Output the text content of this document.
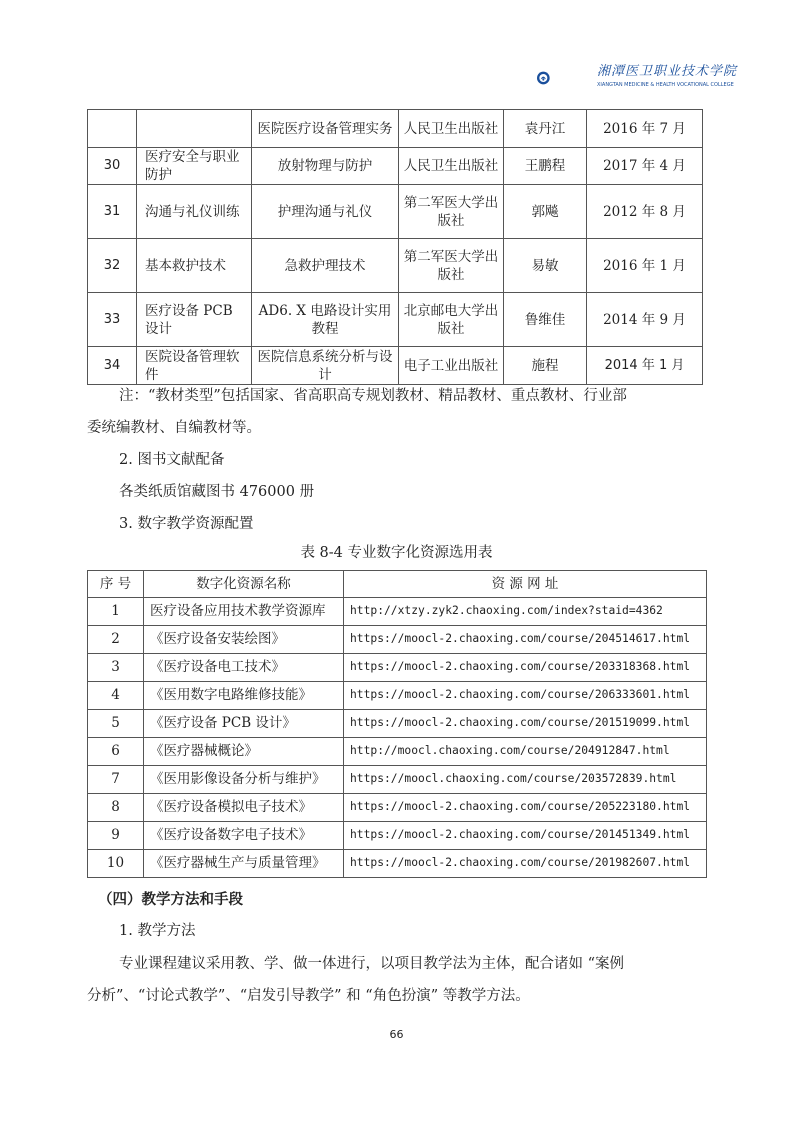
湘潭医卫职业技术学院
XIANGTAN MEDICINE & HEALTH VOCATIONAL COLLEGE
		医院医疗设备管理实务	人民卫生出版社	袁丹江	2016 年 7 月
30	医疗安全与职业防护	放射物理与防护	人民卫生出版社	王鹏程	2017 年 4 月
31	沟通与礼仪训练	护理沟通与礼仪	第二军医大学出版社	郭飚	2012 年 8 月
32	基本救护技术	急救护理技术	第二军医大学出版社	易敏	2016 年 1 月
33	医疗设备 PCB 设计	AD6. X 电路设计实用教程	北京邮电大学出版社	鲁维佳	2014 年 9 月
34	医院设备管理软件	医院信息系统分析与设计	电子工业出版社	施程	2014 年 1 月
注：“教材类型”包括国家、省高职高专规划教材、精品教材、重点教材、行业部
委统编教材、自编教材等。
2. 图书文献配备
各类纸质馆藏图书 476000 册
3. 数字教学资源配置
表 8-4 专业数字化资源选用表
序 号	数字化资源名称	资 源 网 址
1	医疗设备应用技术教学资源库	http://xtzy.zyk2.chaoxing.com/index?staid=4362
2	《医疗设备安装绘图》	https://moocl-2.chaoxing.com/course/204514617.html
3	《医疗设备电工技术》	https://moocl-2.chaoxing.com/course/203318368.html
4	《医用数字电路维修技能》	https://moocl-2.chaoxing.com/course/206333601.html
5	《医疗设备 PCB 设计》	https://moocl-2.chaoxing.com/course/201519099.html
6	《医疗器械概论》	http://moocl.chaoxing.com/course/204912847.html
7	《医用影像设备分析与维护》	https://moocl.chaoxing.com/course/203572839.html
8	《医疗设备模拟电子技术》	https://moocl-2.chaoxing.com/course/205223180.html
9	《医疗设备数字电子技术》	https://moocl-2.chaoxing.com/course/201451349.html
10	《医疗器械生产与质量管理》	https://moocl-2.chaoxing.com/course/201982607.html
（四）教学方法和手段
1. 教学方法
专业课程建议采用教、学、做一体进行，以项目教学法为主体，配合诸如 “案例
分析”、“讨论式教学”、“启发引导教学” 和 “角色扮演” 等教学方法。
66
